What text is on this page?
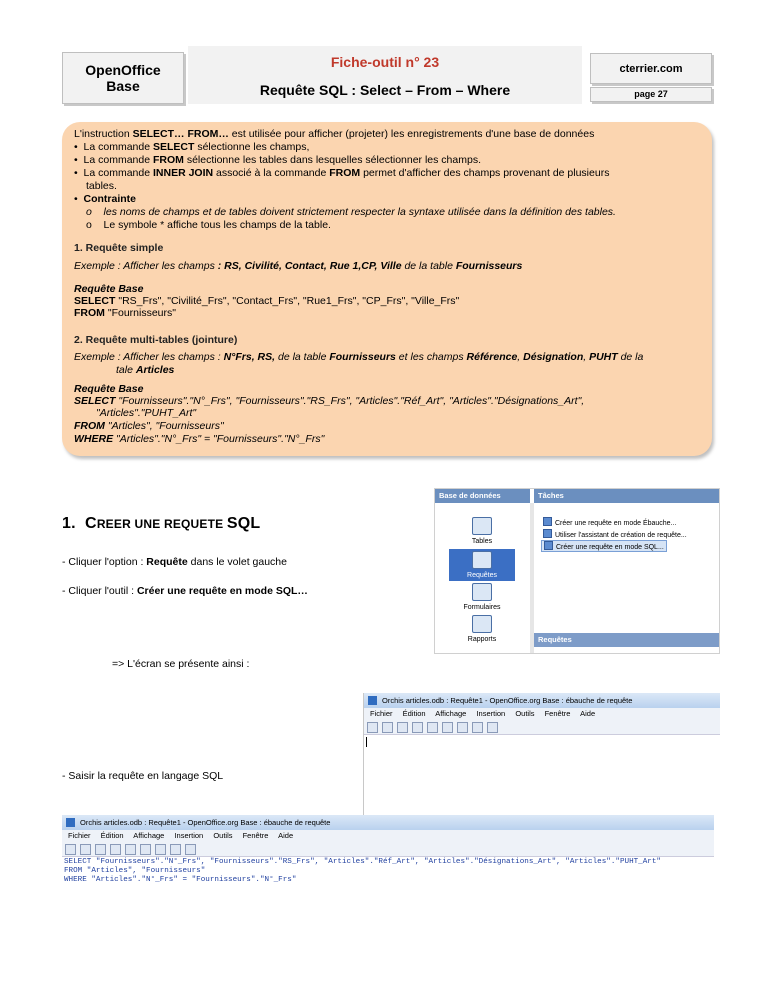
OpenOffice
Base
Fiche-outil n° 23
Requête SQL : Select – From – Where
cterrier.com
page 27

L'instruction SELECT… FROM… est utilisée pour afficher (projeter) les enregistrements d'une base de données

•  La commande SELECT sélectionne les champs,

•  La commande FROM sélectionne les tables dans lesquelles sélectionner les champs.

•  La commande INNER JOIN associé à la commande FROM permet d'afficher des champs provenant de plusieurs

tables.

•  Contrainte

o    les noms de champs et de tables doivent strictement respecter la syntaxe utilisée dans la définition des tables.

o    Le symbole * affiche tous les champs de la table.

1. Requête simple

Exemple : Afficher les champs : RS, Civilité, Contact, Rue 1,CP, Ville de la table Fournisseurs

Requête Base

SELECT "RS_Frs", "Civilité_Frs", "Contact_Frs", "Rue1_Frs", "CP_Frs", "Ville_Frs"

FROM "Fournisseurs"

2. Requête multi-tables (jointure)

Exemple : Afficher les champs : N°Frs, RS, de la table Fournisseurs et les champs Référence, Désignation, PUHT de la

tale Articles

Requête Base

SELECT "Fournisseurs"."N°_Frs", "Fournisseurs"."RS_Frs", "Articles"."Réf_Art", "Articles"."Désignations_Art",

"Articles"."PUHT_Art"

FROM "Articles", "Fournisseurs"

WHERE "Articles"."N°_Frs" = "Fournisseurs"."N°_Frs"

1. CREER UNE REQUETE SQL
- Cliquer l'option : Requête dans le volet gauche
- Cliquer l'outil : Créer une requête en mode SQL…
=> L'écran se présente ainsi :
- Saisir la requête en langage SQL
Base de données	Tâches
Tables
Requêtes
Formulaires
Rapports
Créer une requête en mode Ébauche...
Utiliser l'assistant de création de requête...
Créer une requête en mode SQL...
Requêtes
Orchis articles.odb : Requête1 - OpenOffice.org Base : ébauche de requête
Fichier Édition Affichage Insertion Outils Fenêtre Aide
Orchis articles.odb : Requête1 - OpenOffice.org Base : ébauche de requête
Fichier Édition Affichage Insertion Outils Fenêtre Aide
SELECT "Fournisseurs"."N°_Frs", "Fournisseurs"."RS_Frs", "Articles"."Réf_Art", "Articles"."Désignations_Art", "Articles"."PUHT_Art"
FROM "Articles", "Fournisseurs"
WHERE "Articles"."N°_Frs" = "Fournisseurs"."N°_Frs"
